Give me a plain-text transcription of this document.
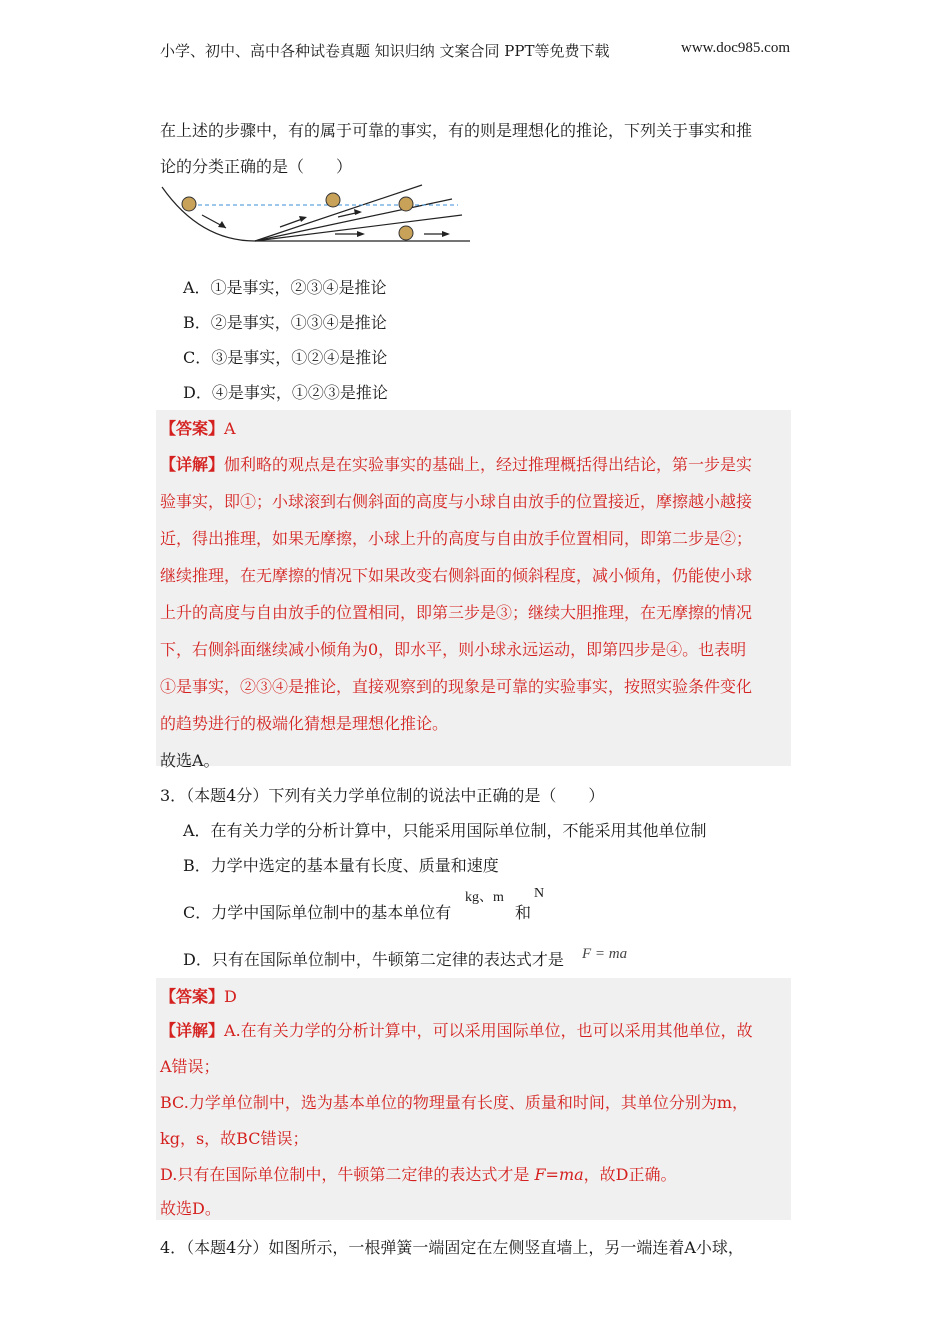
小学、初中、高中各种试卷真题 知识归纳 文案合同 PPT等免费下载	www.doc985.com
在上述的步骤中，有的属于可靠的事实，有的则是理想化的推论，下列关于事实和推
论的分类正确的是（　　）
A．①是事实，②③④是推论
B．②是事实，①③④是推论
C．③是事实，①②④是推论
D．④是事实，①②③是推论
【答案】A
【详解】伽利略的观点是在实验事实的基础上，经过推理概括得出结论，第一步是实
验事实，即①；小球滚到右侧斜面的高度与小球自由放手的位置接近，摩擦越小越接
近，得出推理，如果无摩擦，小球上升的高度与自由放手位置相同，即第二步是②；
继续推理，在无摩擦的情况下如果改变右侧斜面的倾斜程度，减小倾角，仍能使小球
上升的高度与自由放手的位置相同，即第三步是③；继续大胆推理，在无摩擦的情况
下，右侧斜面继续减小倾角为0，即水平，则小球永远运动，即第四步是④。也表明
①是事实，②③④是推论，直接观察到的现象是可靠的实验事实，按照实验条件变化
的趋势进行的极端化猜想是理想化推论。
故选A。
3．（本题4分）下列有关力学单位制的说法中正确的是（　　）
A．在有关力学的分析计算中，只能采用国际单位制，不能采用其他单位制
B．力学中选定的基本量有长度、质量和速度
C．力学中国际单位制中的基本单位有
kg、m
和
N
D．只有在国际单位制中，牛顿第二定律的表达式才是 F = ma
【答案】D
【详解】A.在有关力学的分析计算中，可以采用国际单位，也可以采用其他单位，故
A错误；
BC.力学单位制中，选为基本单位的物理量有长度、质量和时间，其单位分别为m，
kg，s，故BC错误；
D.只有在国际单位制中，牛顿第二定律的表达式才是 F=ma，故D正确。
故选D。
4．（本题4分）如图所示，一根弹簧一端固定在左侧竖直墙上，另一端连着A小球，
